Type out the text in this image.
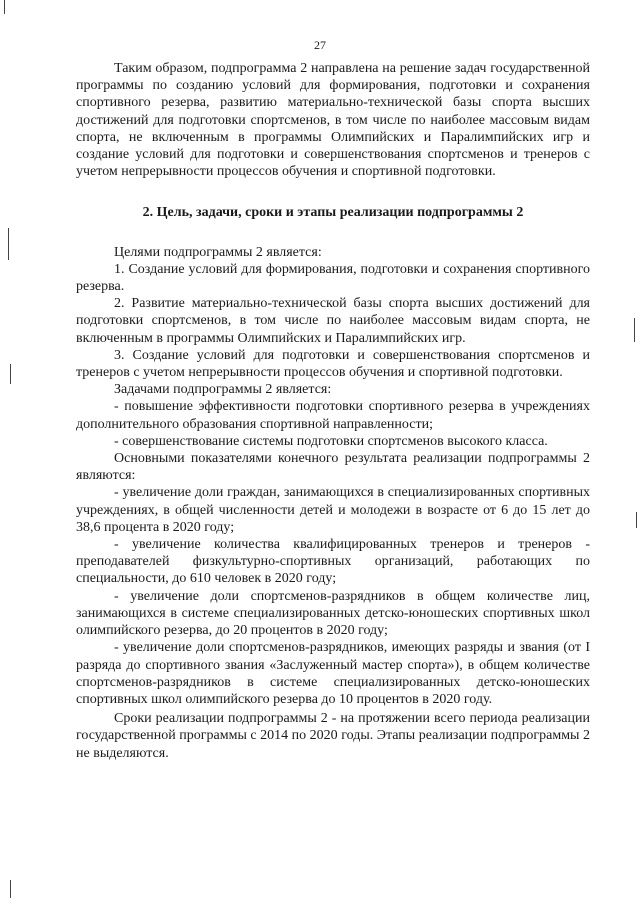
27

Таким образом, подпрограмма 2 направлена на решение задач государственной программы по созданию условий для формирования, подготовки и сохранения спортивного резерва, развитию материально-технической базы спорта высших достижений для подготовки спортсменов, в том числе по наиболее массовым видам спорта, не включенным в программы Олимпийских и Паралимпийских игр и создание условий для подготовки и совершенствования спортсменов и тренеров с учетом непрерывности процессов обучения и спортивной подготовки.

2. Цель, задачи, сроки и этапы реализации подпрограммы 2

Целями подпрограммы 2 является:

1. Создание условий для формирования, подготовки и сохранения спортивного резерва.

2. Развитие материально-технической базы спорта высших достижений для подготовки спортсменов, в том числе по наиболее массовым видам спорта, не включенным в программы Олимпийских и Паралимпийских игр.

3. Создание условий для подготовки и совершенствования спортсменов и тренеров с учетом непрерывности процессов обучения и спортивной подготовки.

Задачами подпрограммы 2 является:

- повышение эффективности подготовки спортивного резерва в учреждениях дополнительного образования спортивной направленности;

- совершенствование системы подготовки спортсменов высокого класса.

Основными показателями конечного результата реализации подпрограммы 2 являются:

- увеличение доли граждан, занимающихся в специализированных спортивных учреждениях, в общей численности детей и молодежи в возрасте от 6 до 15 лет до 38,6 процента в 2020 году;

- увеличение количества квалифицированных тренеров и тренеров - преподавателей физкультурно-спортивных организаций, работающих по специальности, до 610 человек в 2020 году;

- увеличение доли спортсменов-разрядников в общем количестве лиц, занимающихся в системе специализированных детско-юношеских спортивных школ олимпийского резерва, до 20 процентов в 2020 году;

- увеличение доли спортсменов-разрядников, имеющих разряды и звания (от I разряда до спортивного звания «Заслуженный мастер спорта»), в общем количестве спортсменов-разрядников в системе специализированных детско-юношеских спортивных школ олимпийского резерва до 10 процентов в 2020 году.

Сроки реализации подпрограммы 2 - на протяжении всего периода реализации государственной программы с 2014 по 2020 годы. Этапы реализации подпрограммы 2 не выделяются.
